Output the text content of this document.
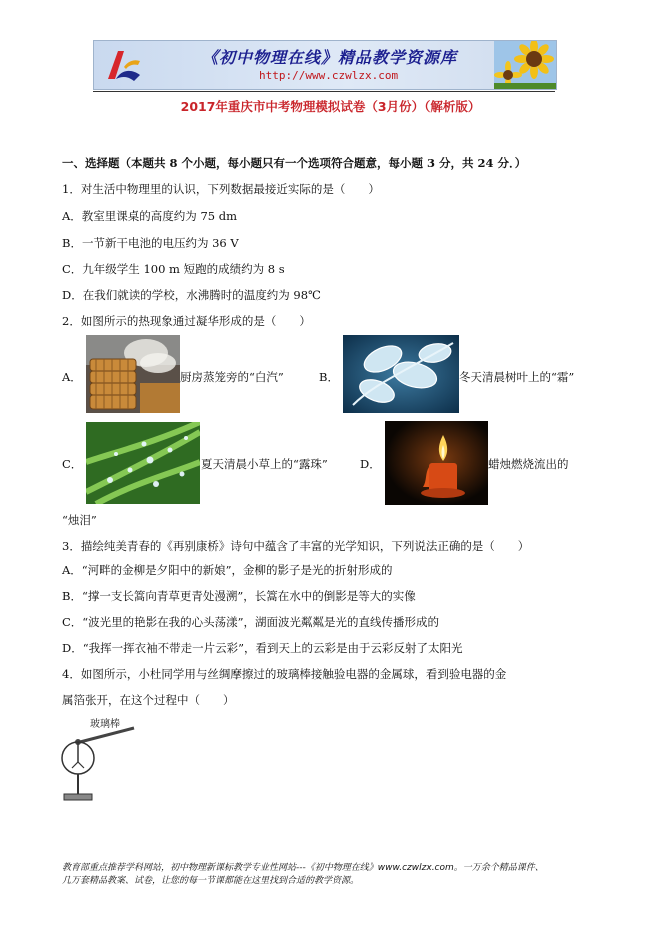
《初中物理在线》精品教学资源库
http://www.czwlzx.com
2017年重庆市中考物理模拟试卷（3月份）（解析版）
一、选择题（本题共 8 个小题，每小题只有一个选项符合题意，每小题 3 分，共 24 分．）
1．对生活中物理里的认识，下列数据最接近实际的是（　　）
A．教室里课桌的高度约为 75 dm
B．一节新干电池的电压约为 36 V
C．九年级学生 100 m 短跑的成绩约为 8 s
D．在我们就读的学校，水沸腾时的温度约为 98℃
2．如图所示的热现象通过凝华形成的是（　　）
A．	厨房蒸笼旁的“白汽”	B．	冬天清晨树叶上的“霜”
C．	夏天清晨小草上的“露珠”	D．	蜡烛燃烧流出的
“烛泪”
3．描绘纯美青春的《再别康桥》诗句中蕴含了丰富的光学知识，下列说法正确的是（　　）
A．“河畔的金柳是夕阳中的新娘”，金柳的影子是光的折射形成的
B．“撑一支长篙向青草更青处漫溯”，长篙在水中的倒影是等大的实像
C．“波光里的艳影在我的心头荡漾”，湖面波光粼粼是光的直线传播形成的
D．“我挥一挥衣袖不带走一片云彩”，看到天上的云彩是由于云彩反射了太阳光
4．如图所示，小杜同学用与丝绸摩擦过的玻璃棒接触验电器的金属球，看到验电器的金
属箔张开，在这个过程中（　　）
玻璃棒
教育部重点推荐学科网站，初中物理新课标教学专业性网站---《初中物理在线》www.czwlzx.com。一万余个精品课件、
几万套精品教案、试卷，让您的每一节课都能在这里找到合适的教学资源。
